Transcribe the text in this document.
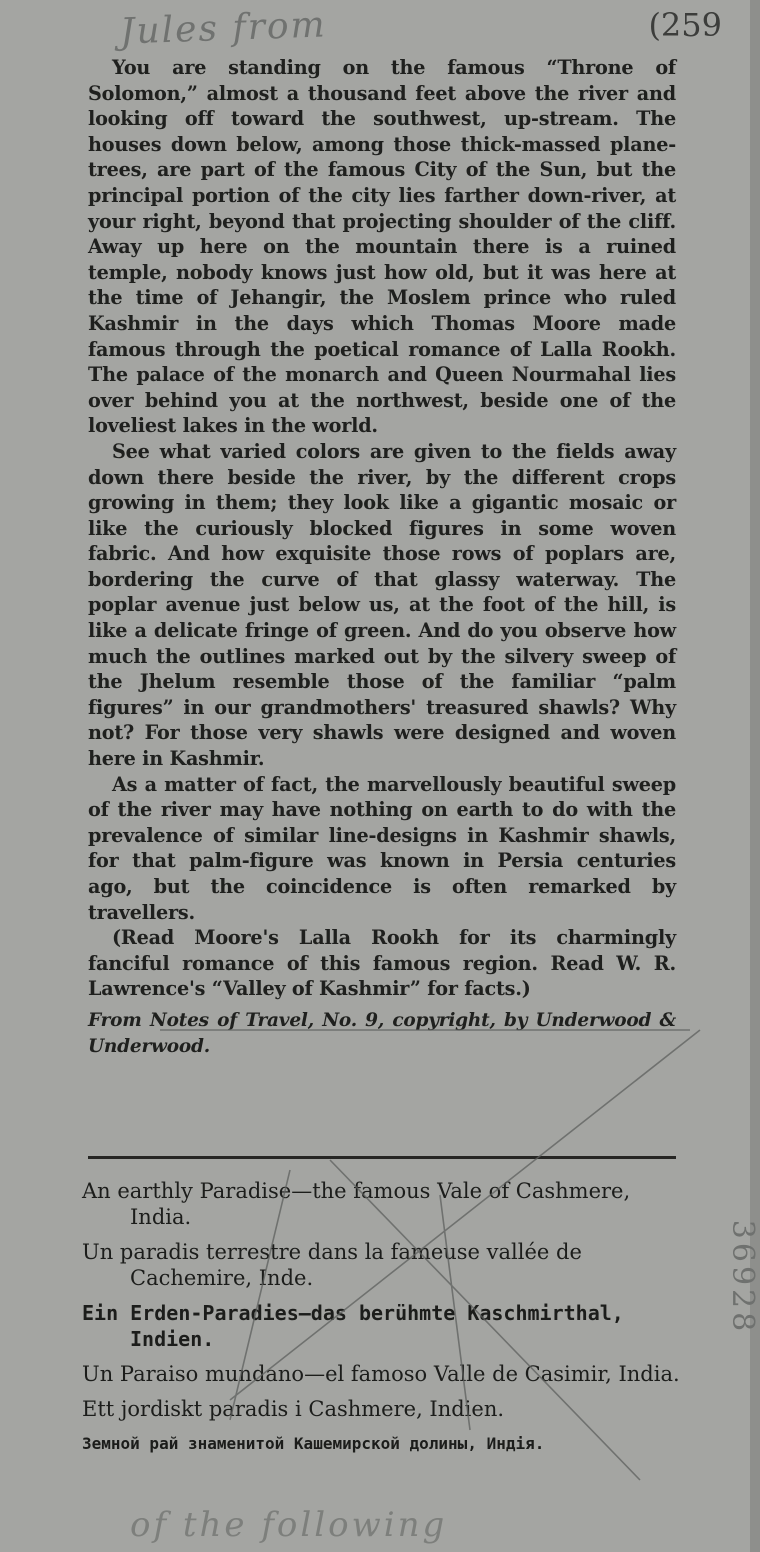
Jules from
(	259
36928

You are standing on the famous “Throne of Solomon,” almost a thousand feet above the river and looking off toward the southwest, up-stream. The houses down below, among those thick-massed plane-trees, are part of the famous City of the Sun, but the principal portion of the city lies farther down-river, at your right, beyond that projecting shoulder of the cliff. Away up here on the mountain there is a ruined temple, nobody knows just how old, but it was here at the time of Jehangir, the Moslem prince who ruled Kashmir in the days which Thomas Moore made famous through the poetical romance of Lalla Rookh. The palace of the monarch and Queen Nourmahal lies over behind you at the northwest, beside one of the loveliest lakes in the world.

See what varied colors are given to the fields away down there beside the river, by the different crops growing in them; they look like a gigantic mosaic or like the curiously blocked figures in some woven fabric. And how exquisite those rows of poplars are, bordering the curve of that glassy waterway. The poplar avenue just below us, at the foot of the hill, is like a delicate fringe of green. And do you observe how much the outlines marked out by the silvery sweep of the Jhelum resemble those of the familiar “palm figures” in our grandmothers' treasured shawls? Why not? For those very shawls were designed and woven here in Kashmir.

As a matter of fact, the marvellously beautiful sweep of the river may have nothing on earth to do with the prevalence of similar line-designs in Kashmir shawls, for that palm-figure was known in Persia centuries ago, but the coincidence is often remarked by travellers.

(Read Moore's Lalla Rookh for its charmingly fanciful romance of this famous region. Read W. R. Lawrence's “Valley of Kashmir” for facts.)

From Notes of Travel, No. 9, copyright, by Underwood & Underwood.

An earthly Paradise—the famous Vale of Cashmere, India.

Un paradis terrestre dans la fameuse vallée de Cachemire, Inde.

Ein Erden-Paradies—das berühmte Kaschmirthal, Indien.

Un Paraiso mundano—el famoso Valle de Casimir, India.

Ett jordiskt paradis i Cashmere, Indien.

Земной рай знаменитой Кашемирской долины, Индія.

of the following
